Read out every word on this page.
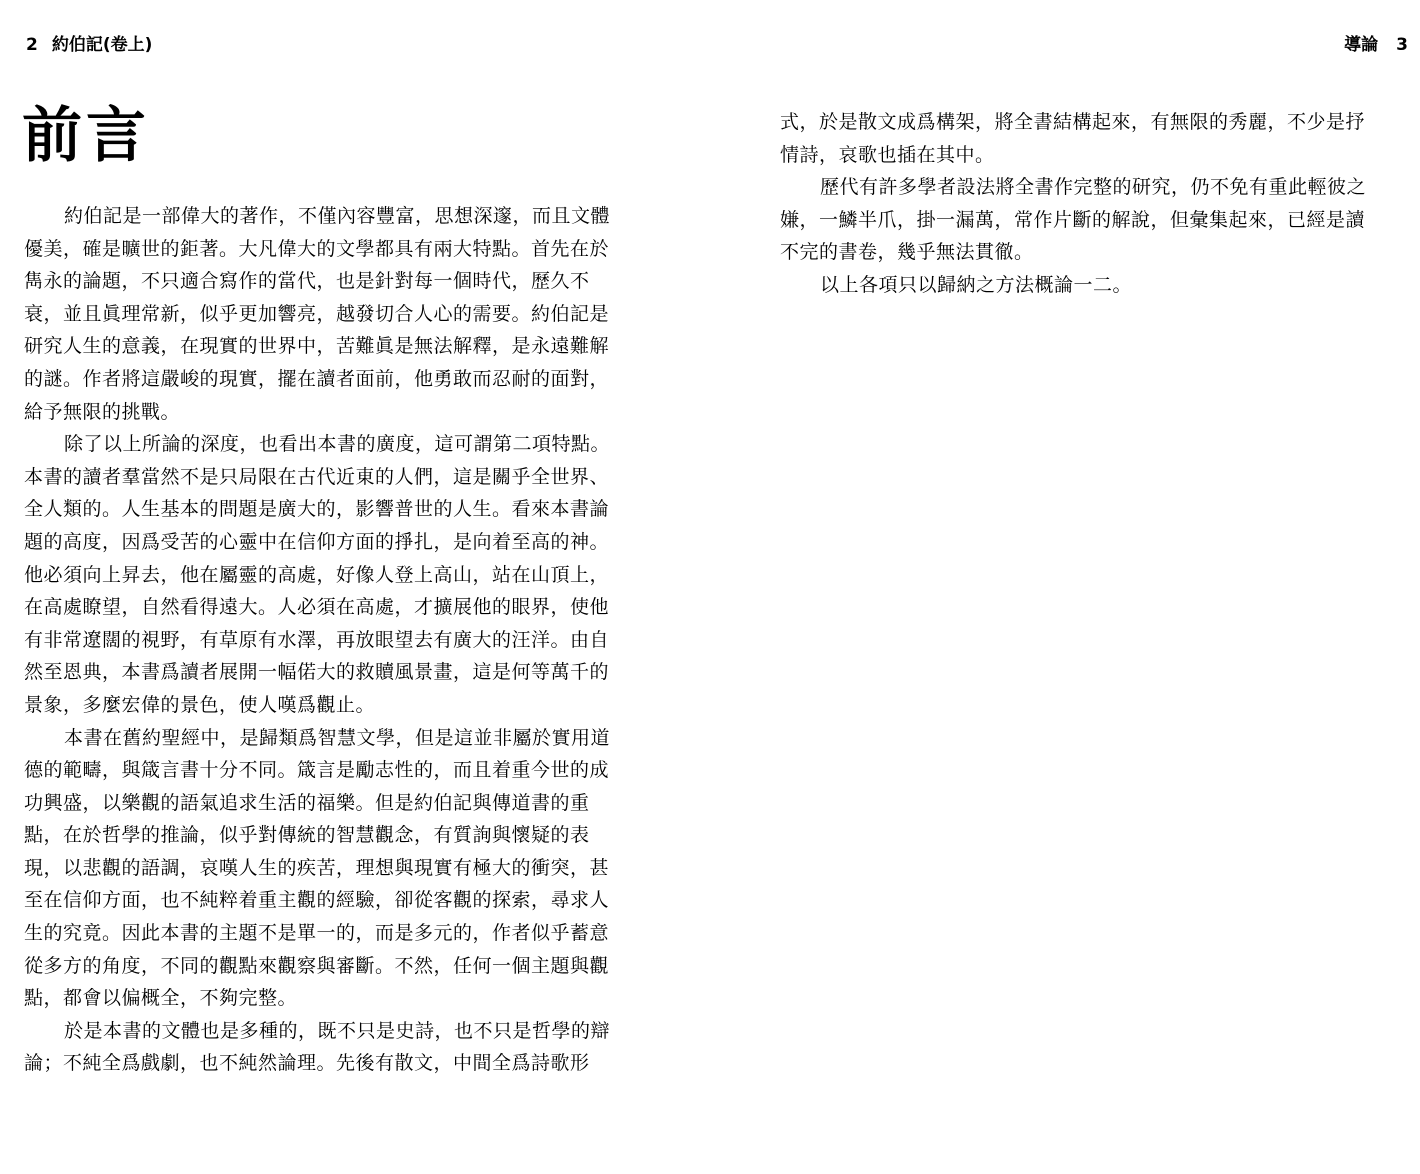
2 約伯記(卷上)
前言
約伯記是一部偉大的著作，不僅內容豐富，思想深邃，而且文體
優美，確是曠世的鉅著。大凡偉大的文學都具有兩大特點。首先在於
雋永的論題，不只適合寫作的當代，也是針對每一個時代，歷久不
衰，並且眞理常新，似乎更加響亮，越發切合人心的需要。約伯記是
研究人生的意義，在現實的世界中，苦難眞是無法解釋，是永遠難解
的謎。作者將這嚴峻的現實，擺在讀者面前，他勇敢而忍耐的面對，
給予無限的挑戰。
除了以上所論的深度，也看出本書的廣度，這可謂第二項特點。
本書的讀者羣當然不是只局限在古代近東的人們，這是關乎全世界、
全人類的。人生基本的問題是廣大的，影響普世的人生。看來本書論
題的高度，因爲受苦的心靈中在信仰方面的掙扎，是向着至高的神。
他必須向上昇去，他在屬靈的高處，好像人登上高山，站在山頂上，
在高處瞭望，自然看得遠大。人必須在高處，才擴展他的眼界，使他
有非常遼闊的視野，有草原有水澤，再放眼望去有廣大的汪洋。由自
然至恩典，本書爲讀者展開一幅偌大的救贖風景畫，這是何等萬千的
景象，多麼宏偉的景色，使人嘆爲觀止。
本書在舊約聖經中，是歸類爲智慧文學，但是這並非屬於實用道
德的範疇，與箴言書十分不同。箴言是勵志性的，而且着重今世的成
功興盛，以樂觀的語氣追求生活的福樂。但是約伯記與傳道書的重
點，在於哲學的推論，似乎對傳統的智慧觀念，有質詢與懷疑的表
現，以悲觀的語調，哀嘆人生的疾苦，理想與現實有極大的衝突，甚
至在信仰方面，也不純粹着重主觀的經驗，卻從客觀的探索，尋求人
生的究竟。因此本書的主題不是單一的，而是多元的，作者似乎蓄意
從多方的角度，不同的觀點來觀察與審斷。不然，任何一個主題與觀
點，都會以偏概全，不夠完整。
於是本書的文體也是多種的，既不只是史詩，也不只是哲學的辯
論；不純全爲戲劇，也不純然論理。先後有散文，中間全爲詩歌形
導論 3
式，於是散文成爲構架，將全書結構起來，有無限的秀麗，不少是抒
情詩，哀歌也插在其中。
歷代有許多學者設法將全書作完整的研究，仍不免有重此輕彼之
嫌，一鱗半爪，掛一漏萬，常作片斷的解說，但彙集起來，已經是讀
不完的書卷，幾乎無法貫徹。
以上各項只以歸納之方法概論一二。
